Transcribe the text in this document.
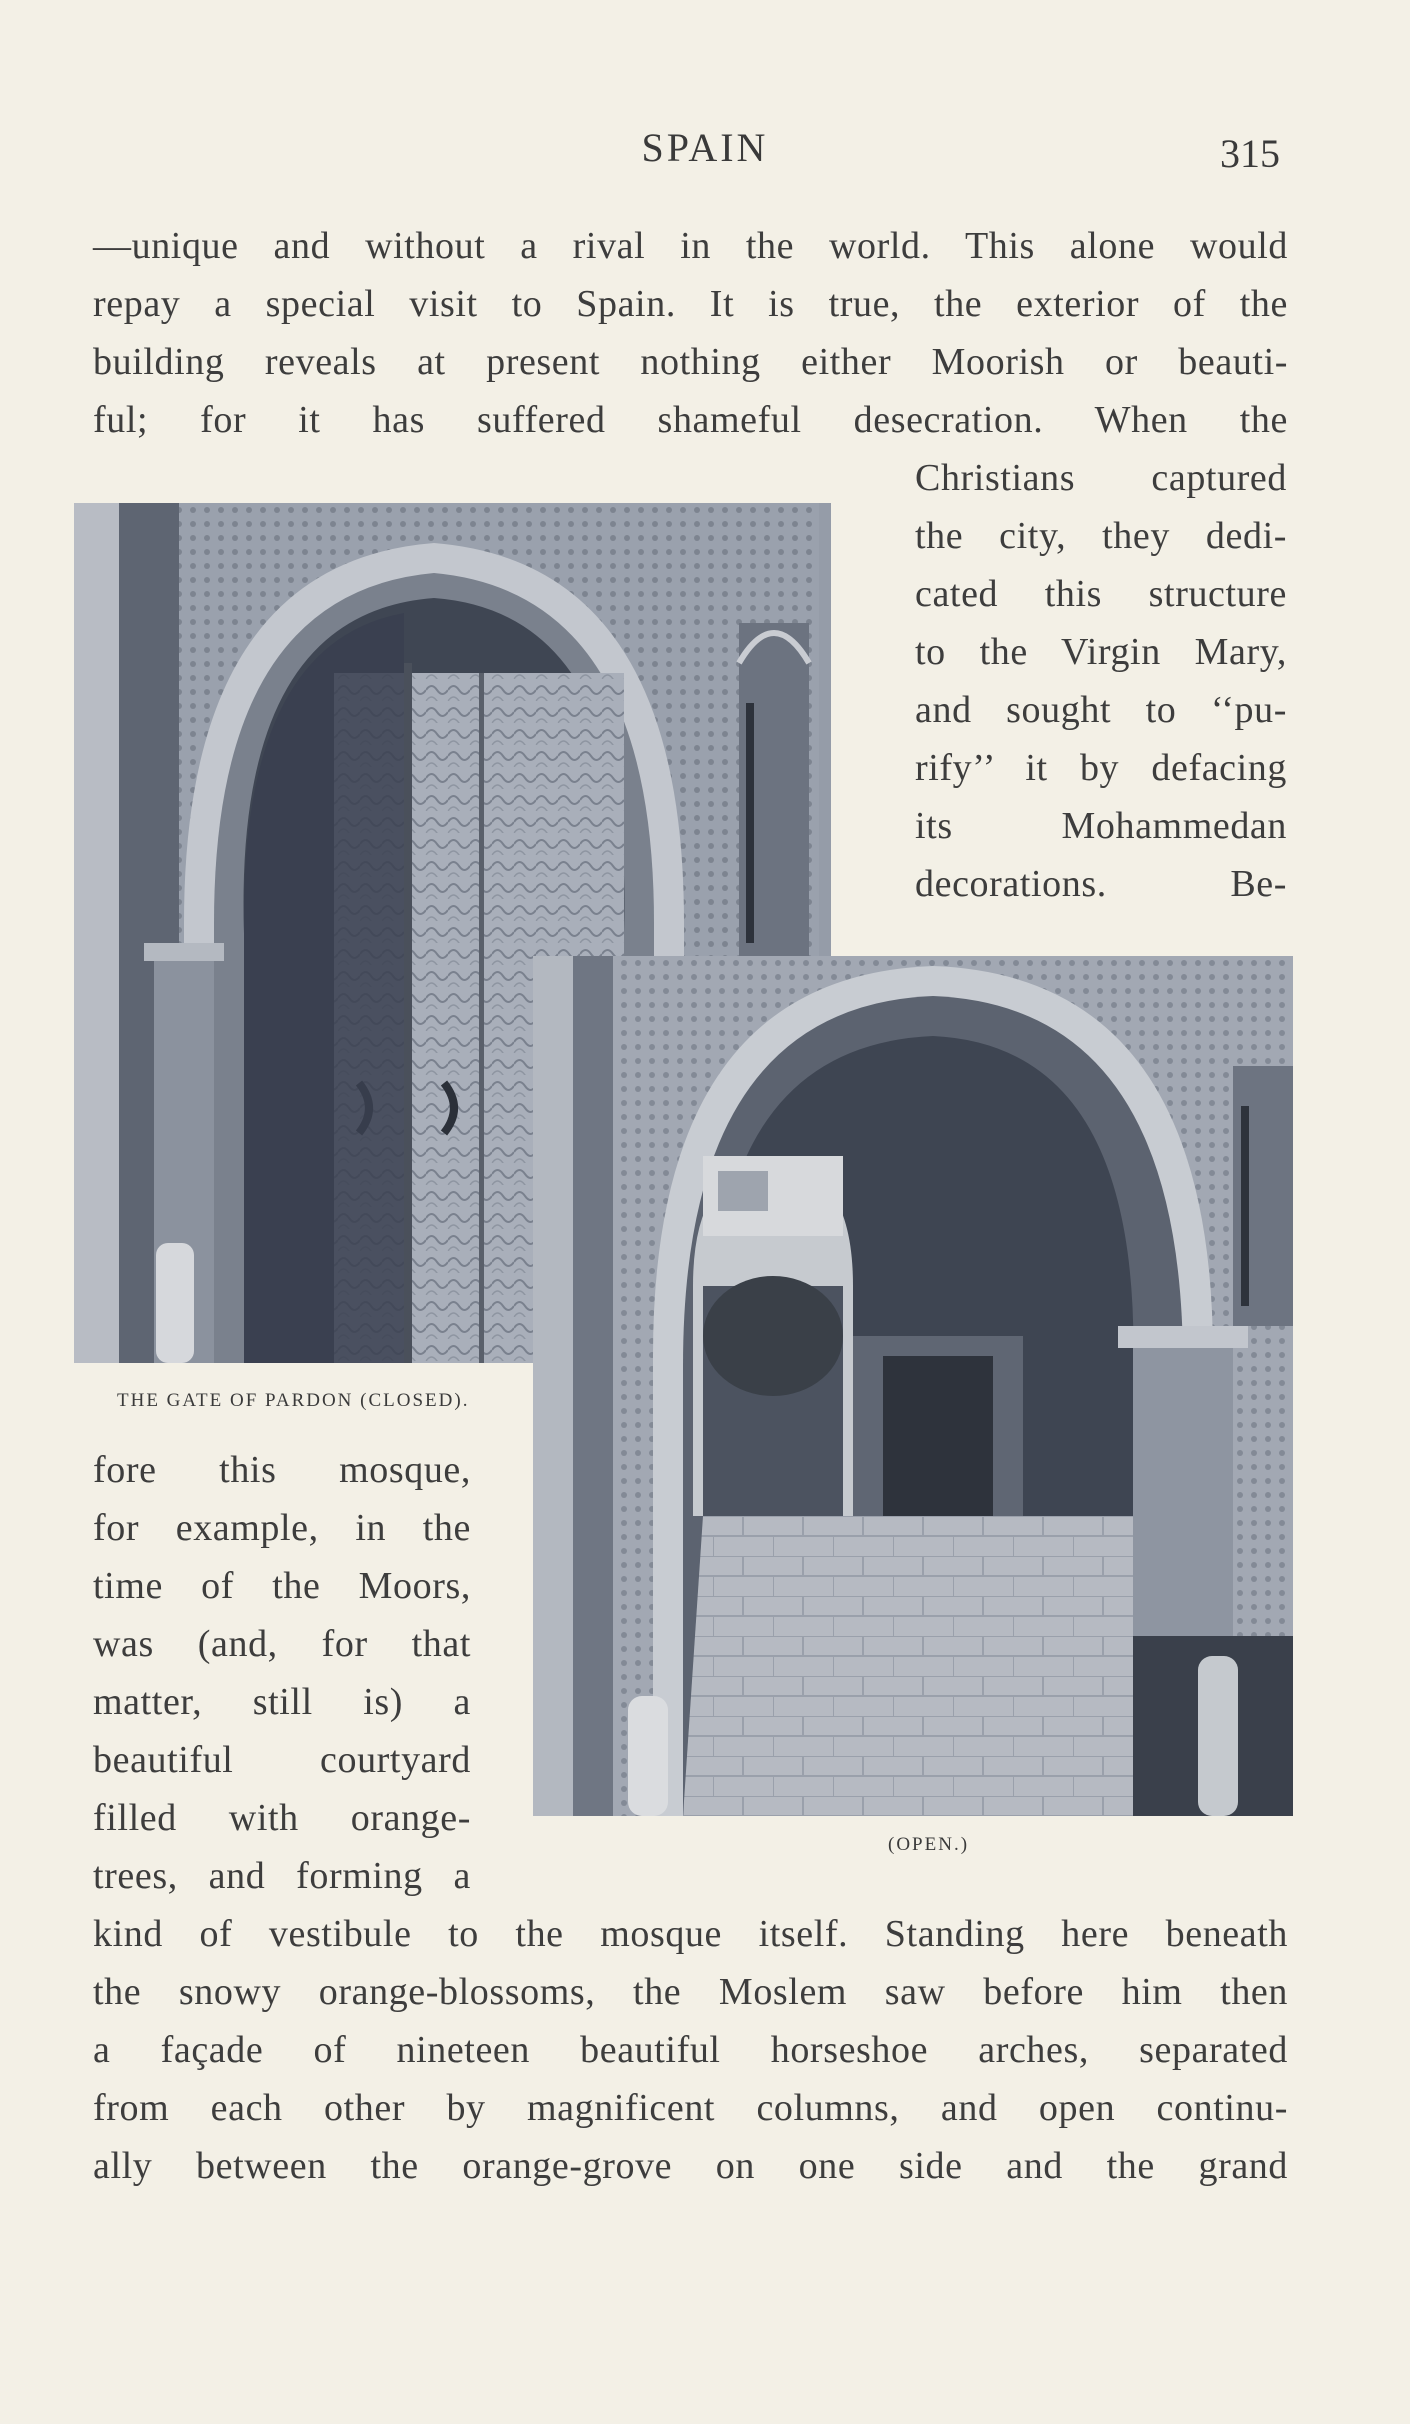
SPAIN	315
—unique and without a rival in the world. This alone would
repay a special visit to Spain. It is true, the exterior of the
building reveals at present nothing either Moorish or beauti-
ful; for it has suffered shameful desecration. When the
Christians captured
the city, they dedi-
cated this structure
to the Virgin Mary,
and sought to ‘‘pu-
rify’’ it by defacing
its Mohammedan
decorations. Be-
THE GATE OF PARDON (CLOSED).
fore this mosque,
for example, in the
time of the Moors,
was (and, for that
matter, still is) a
beautiful courtyard
filled with orange-
trees, and forming a
(OPEN.)
kind of vestibule to the mosque itself. Standing here beneath
the snowy orange-blossoms, the Moslem saw before him then
a façade of nineteen beautiful horseshoe arches, separated
from each other by magnificent columns, and open continu-
ally between the orange-grove on one side and the grand
